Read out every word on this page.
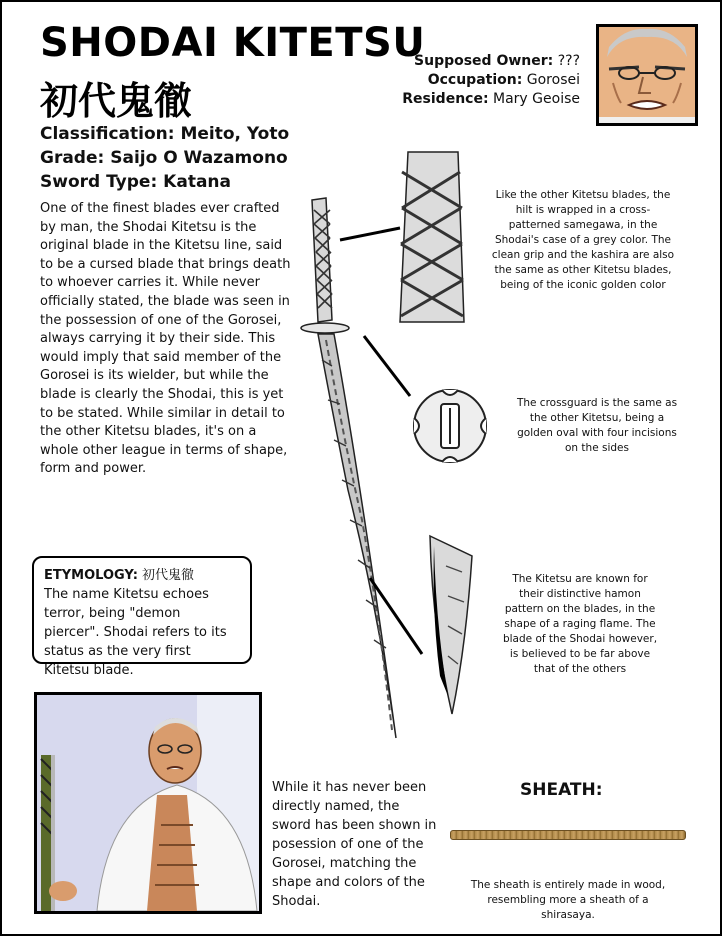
SHODAI KITETSU
初代鬼徹
Supposed Owner: ???
Occupation: Gorosei
Residence: Mary Geoise
Classification: Meito, Yoto
Grade: Saijo O Wazamono
Sword Type: Katana
One of the finest blades ever crafted by man, the Shodai Kitetsu is the original blade in the Kitetsu line, said to be a cursed blade that brings death to whoever carries it. While never officially stated, the blade was seen in the possession of one of the Gorosei, always carrying it by their side. This would imply that said member of the Gorosei is its wielder, but while the blade is clearly the Shodai, this is yet to be stated. While similar in detail to the other Kitetsu blades, it's on a whole other league in terms of shape, form and power.
ETYMOLOGY: 初代鬼徹
The name Kitetsu echoes terror, being "demon piercer". Shodai refers to its status as the very first Kitetsu blade.
Like the other Kitetsu blades, the hilt is wrapped in a cross-patterned samegawa, in the Shodai's case of a grey color. The clean grip and the kashira are also the same as other Kitetsu blades, being of the iconic golden color
The crossguard is the same as the other Kitetsu, being a golden oval with four incisions on the sides
The Kitetsu are known for their distinctive hamon pattern on the blades, in the shape of a raging flame. The blade of the Shodai however, is believed to be far above that of the others
While it has never been directly named, the sword has been shown in posession of one of the Gorosei, matching the shape and colors of the Shodai.
SHEATH:
The sheath is entirely made in wood, resembling more a sheath of a shirasaya.
